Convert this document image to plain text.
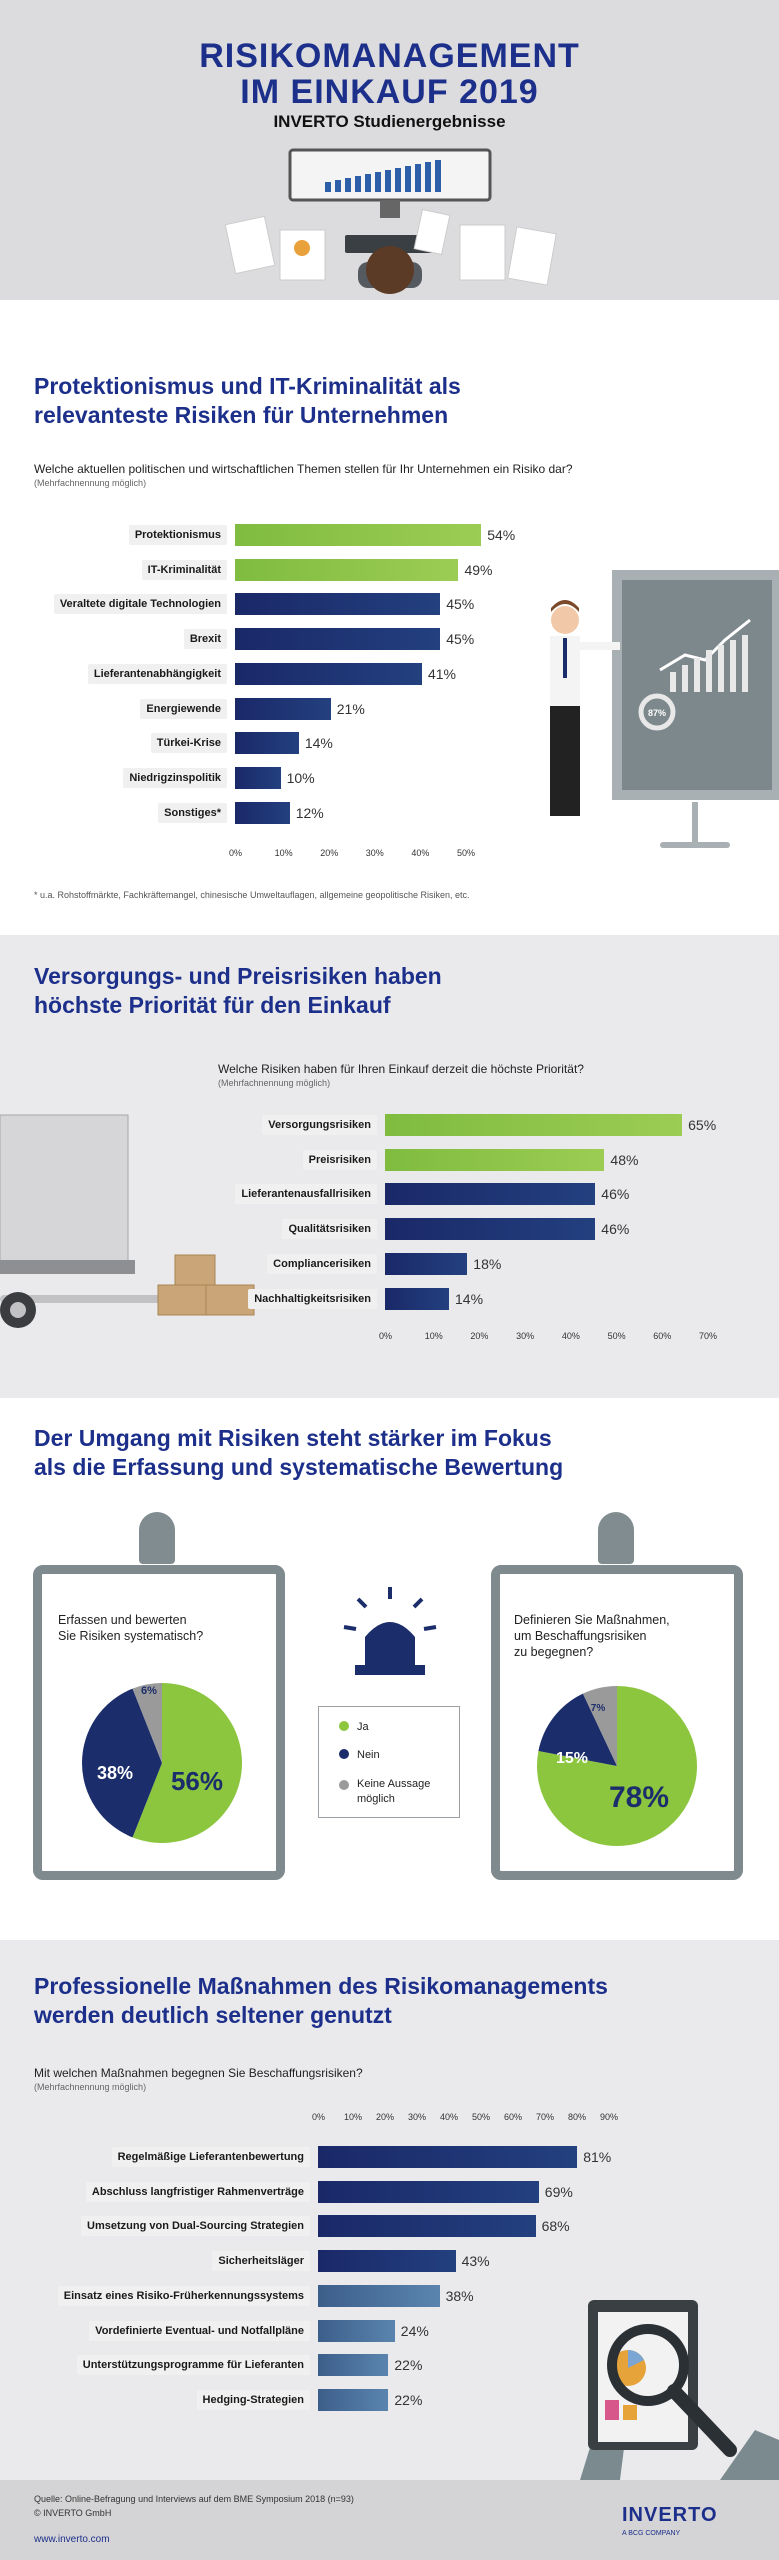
RISIKOMANAGEMENT
IM EINKAUF 2019
INVERTO Studienergebnisse
Protektionismus und IT-Kriminalität als
relevanteste Risiken für Unternehmen
Welche aktuellen politischen und wirtschaftlichen Themen stellen für Ihr Unternehmen ein Risiko dar?
(Mehrfachnennung möglich)
Protektionismus	54%
IT-Kriminalität	49%
Veraltete digitale Technologien	45%
Brexit	45%
Lieferantenabhängigkeit	41%
Energiewende	21%
Türkei-Krise	14%
Niedrigzinspolitik	10%
Sonstiges*	12%
0%	10%	20%	30%	40%	50%
* u.a. Rohstoffmärkte, Fachkräftemangel, chinesische Umweltauflagen, allgemeine geopolitische Risiken, etc.
87%
Versorgungs- und Preisrisiken haben
höchste Priorität für den Einkauf
Welche Risiken haben für Ihren Einkauf derzeit die höchste Priorität?
(Mehrfachnennung möglich)
Versorgungsrisiken	65%
Preisrisiken	48%
Lieferantenausfallrisiken	46%
Qualitätsrisiken	46%
Compliancerisiken	18%
Nachhaltigkeitsrisiken	14%
0%	10%	20%	30%	40%	50%	60%	70%
Der Umgang mit Risiken steht stärker im Fokus
als die Erfassung und systematische Bewertung
Erfassen und bewerten
Sie Risiken systematisch?
56%
38%
6%
Ja
Nein
Keine Aussage
möglich
Definieren Sie Maßnahmen,
um Beschaffungsrisiken
zu begegnen?
78%
15%
7%
Professionelle Maßnahmen des Risikomanagements
werden deutlich seltener genutzt
Mit welchen Maßnahmen begegnen Sie Beschaffungsrisiken?
(Mehrfachnennung möglich)
Regelmäßige Lieferantenbewertung	81%
Abschluss langfristiger Rahmenverträge	69%
Umsetzung von Dual-Sourcing Strategien	68%
Sicherheitsläger	43%
Einsatz eines Risiko-Früherkennungssystems	38%
Vordefinierte Eventual- und Notfallpläne	24%
Unterstützungsprogramme für Lieferanten	22%
Hedging-Strategien	22%
0% 10% 20% 30% 40% 50% 60% 70% 80% 90%
Quelle: Online-Befragung und Interviews auf dem BME Symposium 2018 (n=93)
© INVERTO GmbH
www.inverto.com
INVERTO
A BCG COMPANY
